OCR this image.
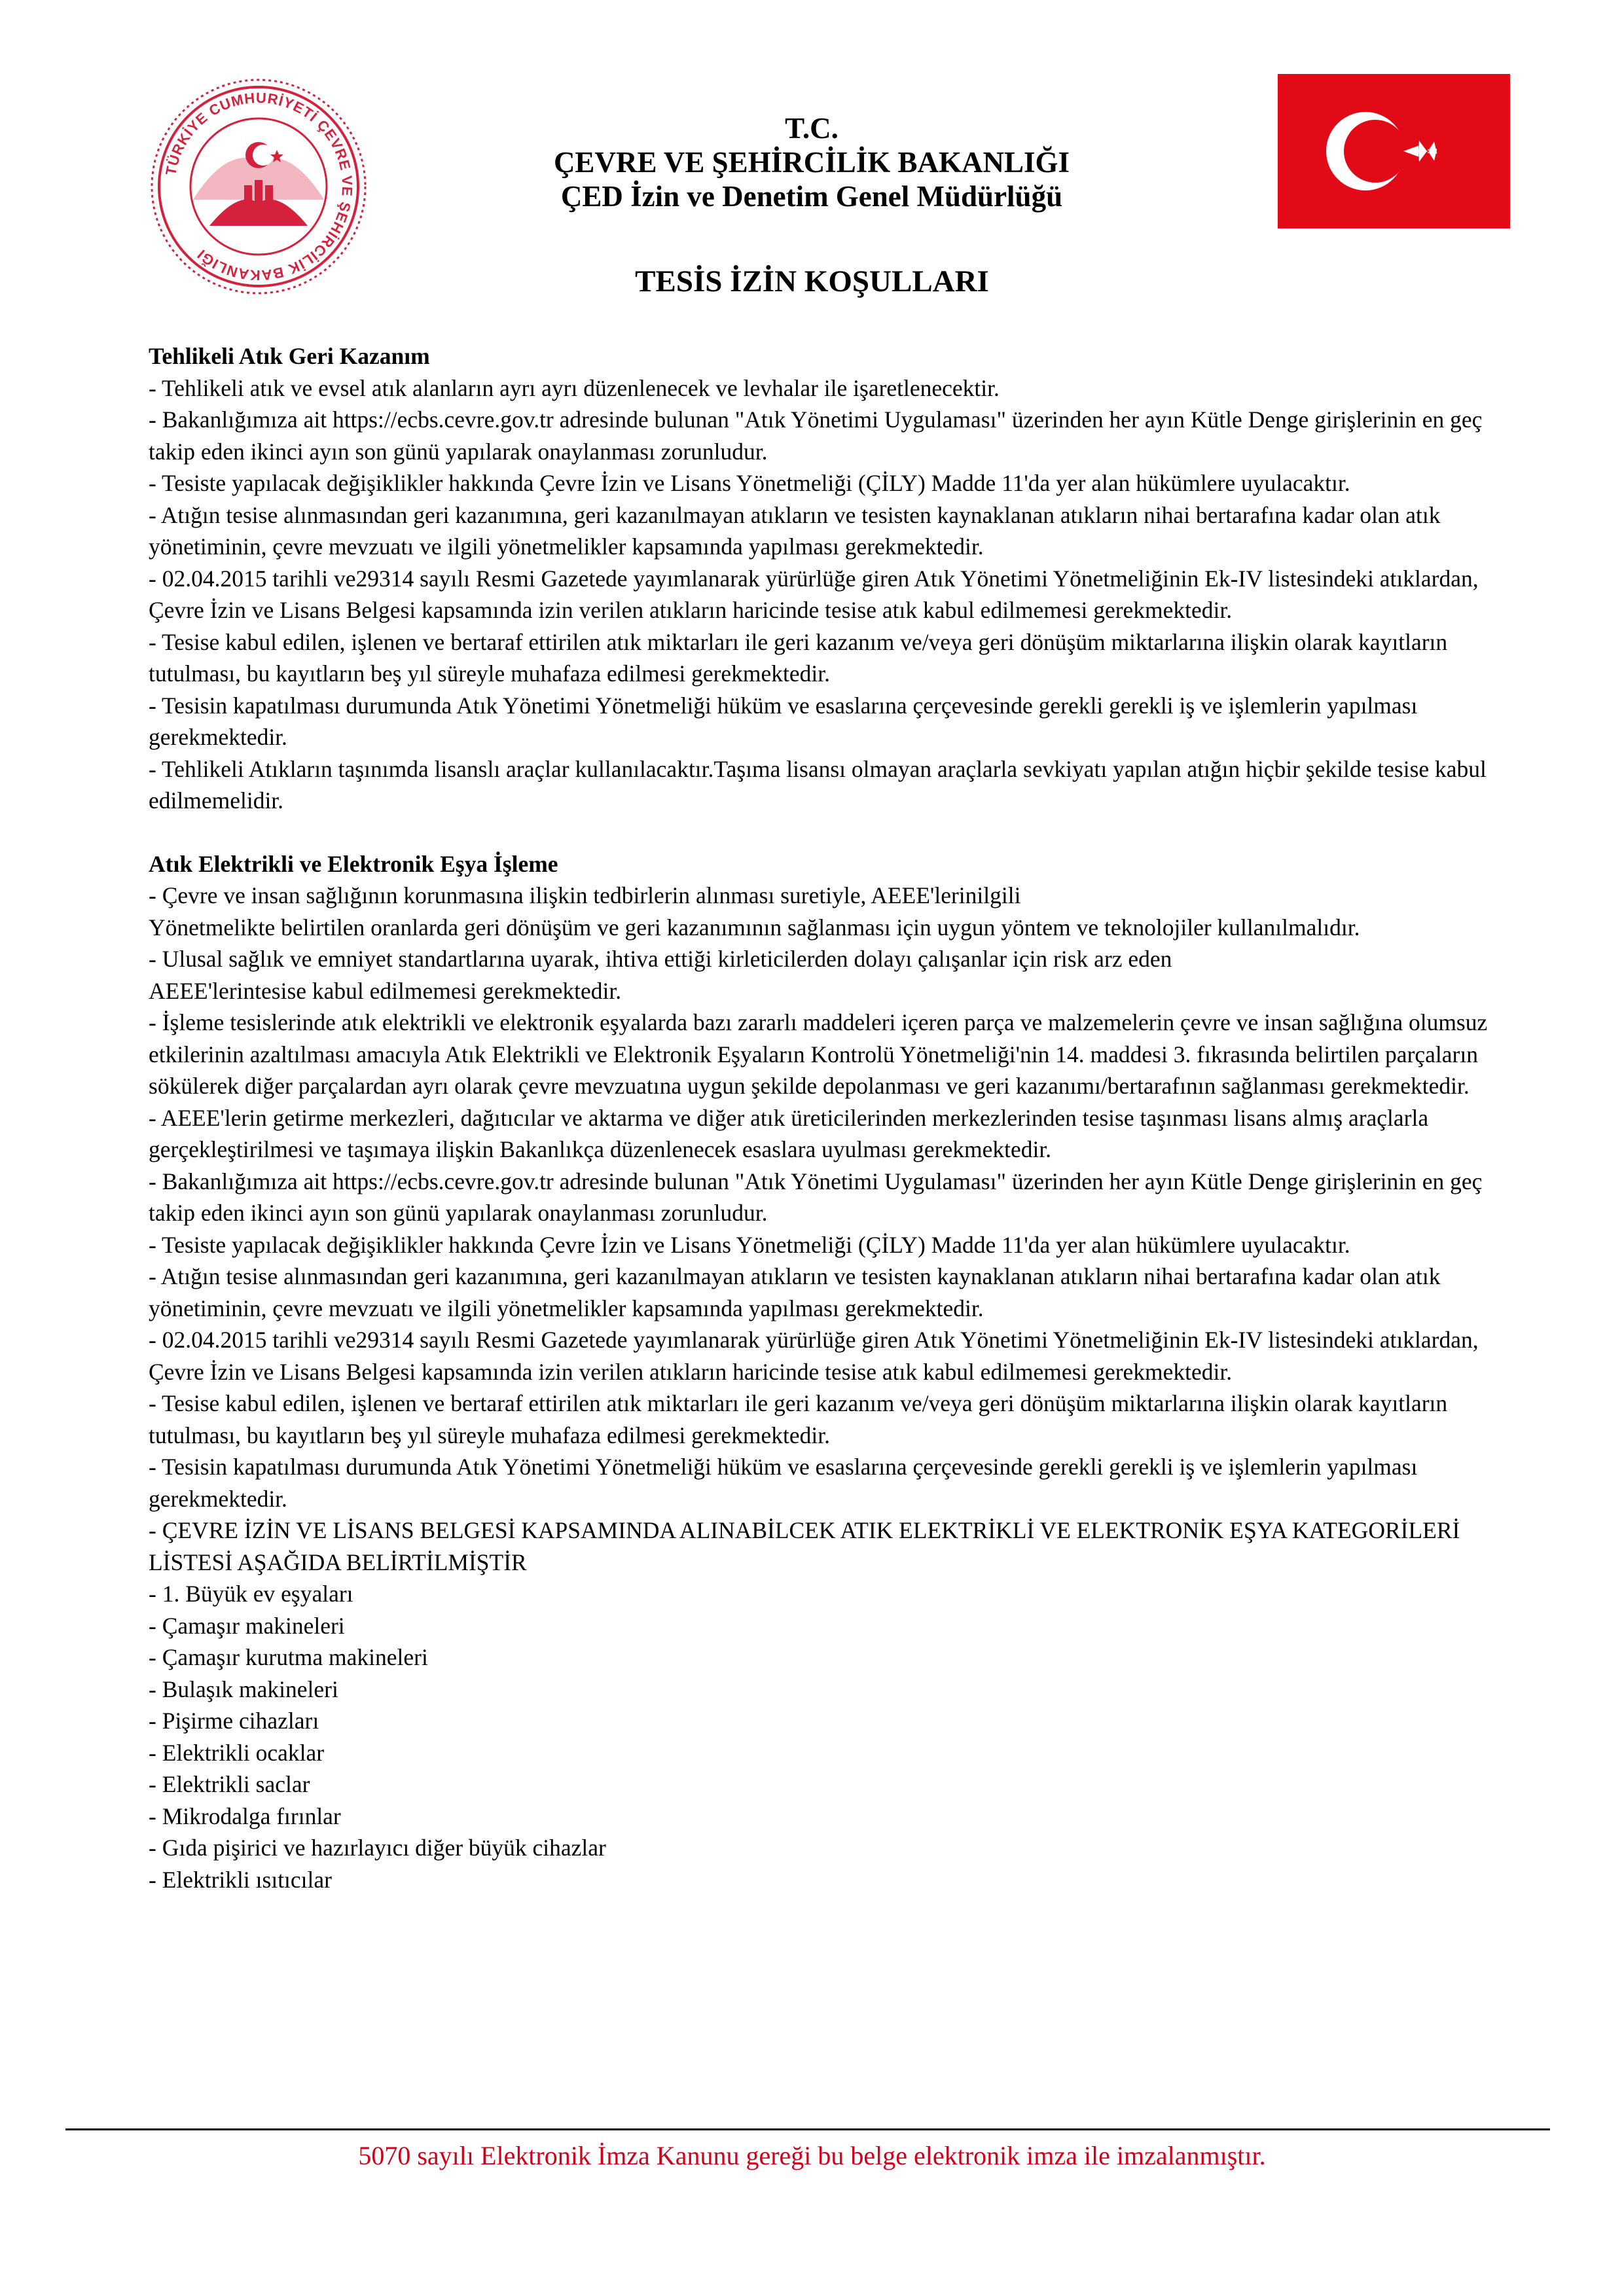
TÜRKİYE CUMHURİYETİ ÇEVRE VE ŞEHİRCİLİK BAKANLIĞI
T.C.
ÇEVRE VE ŞEHİRCİLİK BAKANLIĞI
ÇED İzin ve Denetim Genel Müdürlüğü
TESİS İZİN KOŞULLARI
Tehlikeli Atık Geri Kazanım

- Tehlikeli atık ve evsel atık alanların ayrı ayrı düzenlenecek ve levhalar ile işaretlenecektir.

- Bakanlığımıza ait https://ecbs.cevre.gov.tr adresinde bulunan "Atık Yönetimi Uygulaması" üzerinden her ayın Kütle Denge girişlerinin en geç takip eden ikinci ayın son günü yapılarak onaylanması zorunludur.

- Tesiste yapılacak değişiklikler hakkında Çevre İzin ve Lisans Yönetmeliği (ÇİLY) Madde 11'da yer alan hükümlere uyulacaktır.

- Atığın tesise alınmasından geri kazanımına, geri kazanılmayan atıkların ve tesisten kaynaklanan atıkların nihai bertarafına kadar olan atık yönetiminin, çevre mevzuatı ve ilgili yönetmelikler kapsamında yapılması gerekmektedir.

- 02.04.2015 tarihli ve29314 sayılı Resmi Gazetede yayımlanarak yürürlüğe giren Atık Yönetimi Yönetmeliğinin Ek-IV listesindeki atıklardan, Çevre İzin ve Lisans Belgesi kapsamında izin verilen atıkların haricinde tesise atık kabul edilmemesi gerekmektedir.

- Tesise kabul edilen, işlenen ve bertaraf ettirilen atık miktarları ile geri kazanım ve/veya geri dönüşüm miktarlarına ilişkin olarak kayıtların tutulması, bu kayıtların beş yıl süreyle muhafaza edilmesi gerekmektedir.

- Tesisin kapatılması durumunda Atık Yönetimi Yönetmeliği hüküm ve esaslarına çerçevesinde gerekli gerekli iş ve işlemlerin yapılması gerekmektedir.

- Tehlikeli Atıkların taşınımda lisanslı araçlar kullanılacaktır.Taşıma lisansı olmayan araçlarla sevkiyatı yapılan atığın hiçbir şekilde tesise kabul edilmemelidir.

Atık Elektrikli ve Elektronik Eşya İşleme

- Çevre ve insan sağlığının korunmasına ilişkin tedbirlerin alınması suretiyle, AEEE'lerinilgili

Yönetmelikte belirtilen oranlarda geri dönüşüm ve geri kazanımının sağlanması için uygun yöntem ve teknolojiler kullanılmalıdır.

- Ulusal sağlık ve emniyet standartlarına uyarak, ihtiva ettiği kirleticilerden dolayı çalışanlar için risk arz eden

AEEE'lerintesise kabul edilmemesi gerekmektedir.

- İşleme tesislerinde atık elektrikli ve elektronik eşyalarda bazı zararlı maddeleri içeren parça ve malzemelerin çevre ve insan sağlığına olumsuz etkilerinin azaltılması amacıyla Atık Elektrikli ve Elektronik Eşyaların Kontrolü Yönetmeliği'nin 14. maddesi 3. fıkrasında belirtilen parçaların sökülerek diğer parçalardan ayrı olarak çevre mevzuatına uygun şekilde depolanması ve geri kazanımı/bertarafının sağlanması gerekmektedir.

- AEEE'lerin getirme merkezleri, dağıtıcılar ve aktarma ve diğer atık üreticilerinden merkezlerinden tesise taşınması lisans almış araçlarla gerçekleştirilmesi ve taşımaya ilişkin Bakanlıkça düzenlenecek esaslara uyulması gerekmektedir.

- Bakanlığımıza ait https://ecbs.cevre.gov.tr adresinde bulunan "Atık Yönetimi Uygulaması" üzerinden her ayın Kütle Denge girişlerinin en geç takip eden ikinci ayın son günü yapılarak onaylanması zorunludur.

- Tesiste yapılacak değişiklikler hakkında Çevre İzin ve Lisans Yönetmeliği (ÇİLY) Madde 11'da yer alan hükümlere uyulacaktır.

- Atığın tesise alınmasından geri kazanımına, geri kazanılmayan atıkların ve tesisten kaynaklanan atıkların nihai bertarafına kadar olan atık yönetiminin, çevre mevzuatı ve ilgili yönetmelikler kapsamında yapılması gerekmektedir.

- 02.04.2015 tarihli ve29314 sayılı Resmi Gazetede yayımlanarak yürürlüğe giren Atık Yönetimi Yönetmeliğinin Ek-IV listesindeki atıklardan, Çevre İzin ve Lisans Belgesi kapsamında izin verilen atıkların haricinde tesise atık kabul edilmemesi gerekmektedir.

- Tesise kabul edilen, işlenen ve bertaraf ettirilen atık miktarları ile geri kazanım ve/veya geri dönüşüm miktarlarına ilişkin olarak kayıtların tutulması, bu kayıtların beş yıl süreyle muhafaza edilmesi gerekmektedir.

- Tesisin kapatılması durumunda Atık Yönetimi Yönetmeliği hüküm ve esaslarına çerçevesinde gerekli gerekli iş ve işlemlerin yapılması gerekmektedir.

- ÇEVRE İZİN VE LİSANS BELGESİ KAPSAMINDA ALINABİLCEK ATIK ELEKTRİKLİ VE ELEKTRONİK EŞYA KATEGORİLERİ LİSTESİ AŞAĞIDA BELİRTİLMİŞTİR

- 1. Büyük ev eşyaları

- Çamaşır makineleri

- Çamaşır kurutma makineleri

- Bulaşık makineleri

- Pişirme cihazları

- Elektrikli ocaklar

- Elektrikli saclar

- Mikrodalga fırınlar

- Gıda pişirici ve hazırlayıcı diğer büyük cihazlar

- Elektrikli ısıtıcılar

5070 sayılı Elektronik İmza Kanunu gereği bu belge elektronik imza ile imzalanmıştır.
